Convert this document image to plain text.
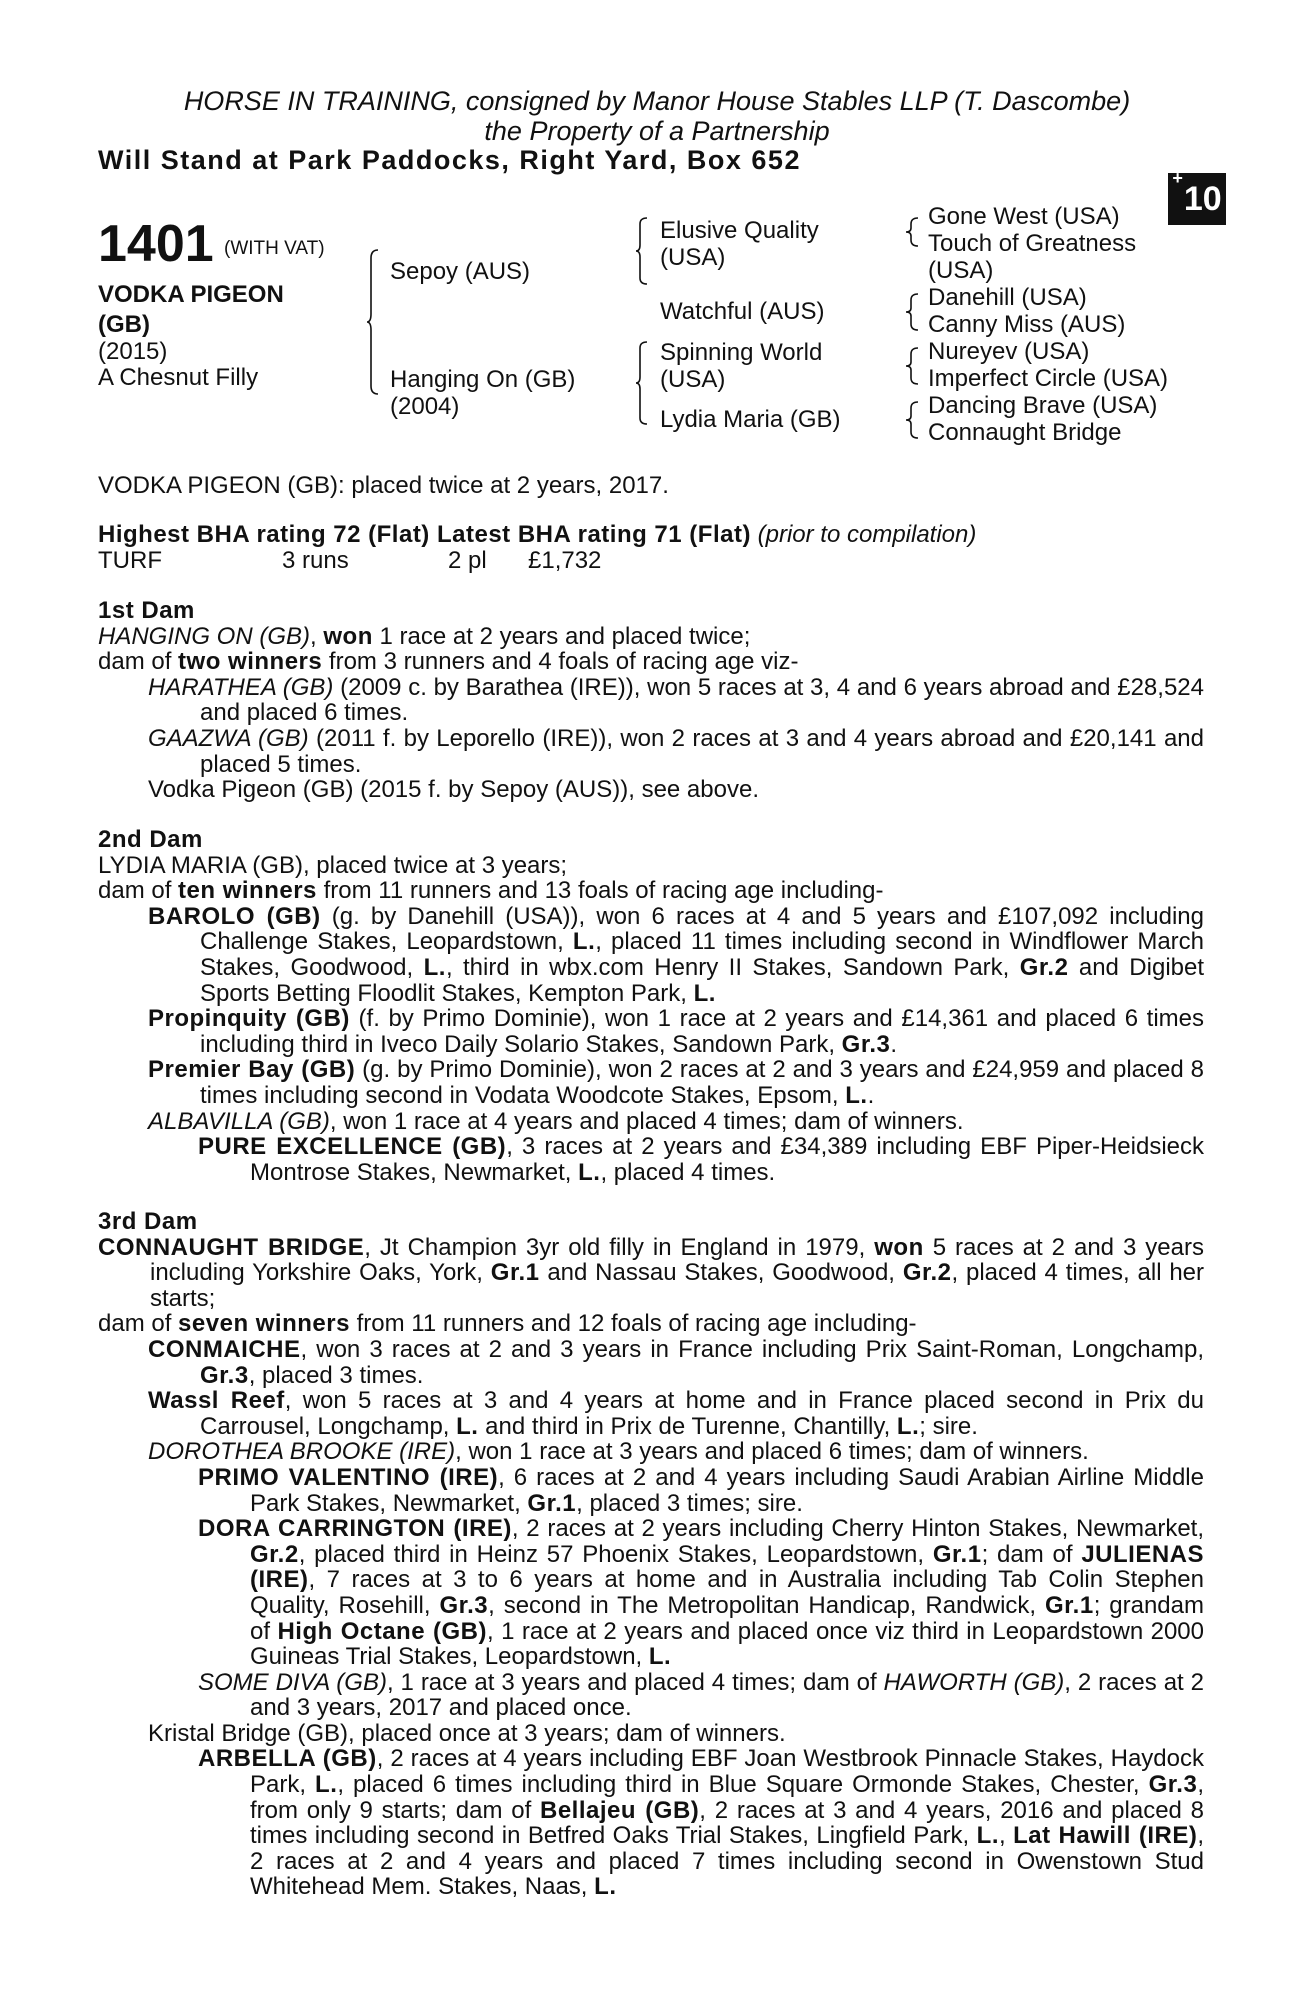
HORSE IN TRAINING, consigned by Manor House Stables LLP (T. Dascombe)
the Property of a Partnership
Will Stand at Park Paddocks, Right Yard, Box 652
+10
1401 (WITH VAT)
VODKA PIGEON
(GB)
(2015)
A Chesnut Filly
Sepoy (AUS)
Hanging On (GB)
(2004)
Elusive Quality
(USA)
Watchful (AUS)
Spinning World
(USA)
Lydia Maria (GB)
Gone West (USA)
Touch of Greatness
(USA)
Danehill (USA)
Canny Miss (AUS)
Nureyev (USA)
Imperfect Circle (USA)
Dancing Brave (USA)
Connaught Bridge
VODKA PIGEON (GB): placed twice at 2 years, 2017.

Highest BHA rating 72 (Flat) Latest BHA rating 71 (Flat) (prior to compilation)

TURF	3 runs	2 pl £1,732

1st Dam

HANGING ON (GB), won 1 race at 2 years and placed twice;

dam of two winners from 3 runners and 4 foals of racing age viz-

HARATHEA (GB) (2009 c. by Barathea (IRE)), won 5 races at 3, 4 and 6 years abroad and £28,524 and placed 6 times.

GAAZWA (GB) (2011 f. by Leporello (IRE)), won 2 races at 3 and 4 years abroad and £20,141 and placed 5 times.

Vodka Pigeon (GB) (2015 f. by Sepoy (AUS)), see above.

2nd Dam

LYDIA MARIA (GB), placed twice at 3 years;

dam of ten winners from 11 runners and 13 foals of racing age including-

BAROLO (GB) (g. by Danehill (USA)), won 6 races at 4 and 5 years and £107,092 including Challenge Stakes, Leopardstown, L., placed 11 times including second in Windflower March Stakes, Goodwood, L., third in wbx.com Henry II Stakes, Sandown Park, Gr.2 and Digibet Sports Betting Floodlit Stakes, Kempton Park, L.

Propinquity (GB) (f. by Primo Dominie), won 1 race at 2 years and £14,361 and placed 6 times including third in Iveco Daily Solario Stakes, Sandown Park, Gr.3.

Premier Bay (GB) (g. by Primo Dominie), won 2 races at 2 and 3 years and £24,959 and placed 8 times including second in Vodata Woodcote Stakes, Epsom, L..

ALBAVILLA (GB), won 1 race at 4 years and placed 4 times; dam of winners.

PURE EXCELLENCE (GB), 3 races at 2 years and £34,389 including EBF Piper-Heidsieck Montrose Stakes, Newmarket, L., placed 4 times.

3rd Dam

CONNAUGHT BRIDGE, Jt Champion 3yr old filly in England in 1979, won 5 races at 2 and 3 years including Yorkshire Oaks, York, Gr.1 and Nassau Stakes, Goodwood, Gr.2, placed 4 times, all her starts;

dam of seven winners from 11 runners and 12 foals of racing age including-

CONMAICHE, won 3 races at 2 and 3 years in France including Prix Saint-Roman, Longchamp, Gr.3, placed 3 times.

Wassl Reef, won 5 races at 3 and 4 years at home and in France placed second in Prix du Carrousel, Longchamp, L. and third in Prix de Turenne, Chantilly, L.; sire.

DOROTHEA BROOKE (IRE), won 1 race at 3 years and placed 6 times; dam of winners.

PRIMO VALENTINO (IRE), 6 races at 2 and 4 years including Saudi Arabian Airline Middle Park Stakes, Newmarket, Gr.1, placed 3 times; sire.

DORA CARRINGTON (IRE), 2 races at 2 years including Cherry Hinton Stakes, Newmarket, Gr.2, placed third in Heinz 57 Phoenix Stakes, Leopardstown, Gr.1; dam of JULIENAS (IRE), 7 races at 3 to 6 years at home and in Australia including Tab Colin Stephen Quality, Rosehill, Gr.3, second in The Metropolitan Handicap, Randwick, Gr.1; grandam of High Octane (GB), 1 race at 2 years and placed once viz third in Leopardstown 2000 Guineas Trial Stakes, Leopardstown, L.

SOME DIVA (GB), 1 race at 3 years and placed 4 times; dam of HAWORTH (GB), 2 races at 2 and 3 years, 2017 and placed once.

Kristal Bridge (GB), placed once at 3 years; dam of winners.

ARBELLA (GB), 2 races at 4 years including EBF Joan Westbrook Pinnacle Stakes, Haydock Park, L., placed 6 times including third in Blue Square Ormonde Stakes, Chester, Gr.3, from only 9 starts; dam of Bellajeu (GB), 2 races at 3 and 4 years, 2016 and placed 8 times including second in Betfred Oaks Trial Stakes, Lingfield Park, L., Lat Hawill (IRE), 2 races at 2 and 4 years and placed 7 times including second in Owenstown Stud Whitehead Mem. Stakes, Naas, L.
